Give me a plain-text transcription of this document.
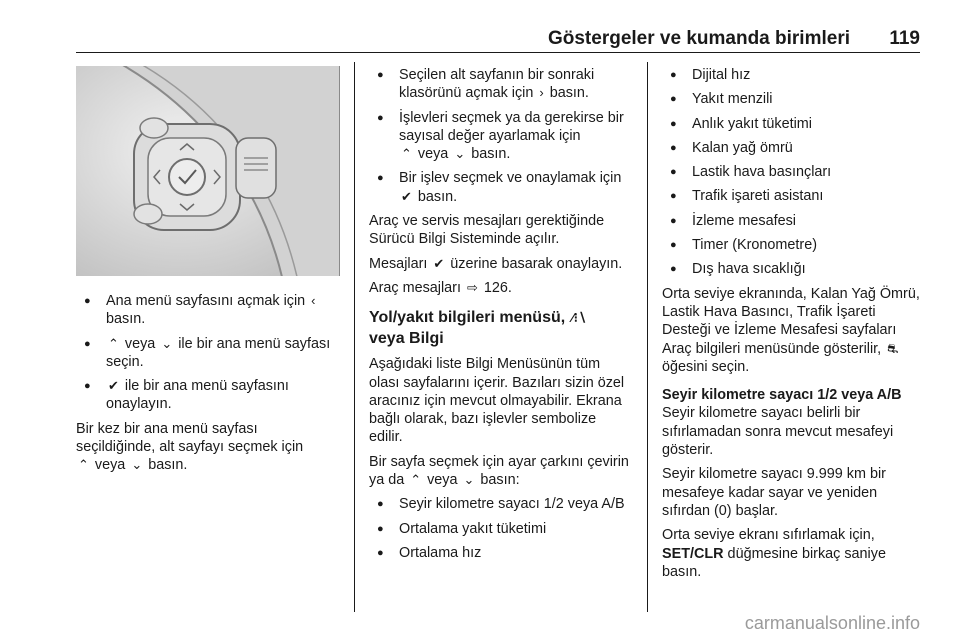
Göstergeler ve kumanda birimleri 119
● Ana menü sayfasını açmak için ‹ basın.
● ⌃ veya ⌄ ile bir ana menü sayfası seçin.
● ✔ ile bir ana menü sayfasını onaylayın.

Bir kez bir ana menü sayfası seçildiğinde, alt sayfayı seçmek için
⌃ veya ⌄ basın.

● Seçilen alt sayfanın bir sonraki klasörünü açmak için › basın.
● İşlevleri seçmek ya da gerekirse bir sayısal değer ayarlamak için
⌃ veya ⌄ basın.
● Bir işlev seçmek ve onaylamak için ✔ basın.

Araç ve servis mesajları gerektiğinde Sürücü Bilgi Sisteminde açılır.

Mesajları ✔ üzerine basarak onaylayın.

Araç mesajları ⇨ 126.

Yol/yakıt bilgileri menüsü, ⁄⁝∖
veya Bilgi

Aşağıdaki liste Bilgi Menüsünün tüm olası sayfalarını içerir. Bazıları sizin özel aracınız için mevcut olmayabilir. Ekrana bağlı olarak, bazı işlevler sembolize edilir.

Bir sayfa seçmek için ayar çarkını çevirin ya da ⌃ veya ⌄ basın:

● Seyir kilometre sayacı 1/2 veya A/B
● Ortalama yakıt tüketimi
● Ortalama hız
● Dijital hız
● Yakıt menzili
● Anlık yakıt tüketimi
● Kalan yağ ömrü
● Lastik hava basınçları
● Trafik işareti asistanı
● İzleme mesafesi
● Timer (Kronometre)
● Dış hava sıcaklığı

Orta seviye ekranında, Kalan Yağ Ömrü, Lastik Hava Basıncı, Trafik İşareti Desteği ve İzleme Mesafesi sayfaları Araç bilgileri menüsünde gösterilir, ⛐ öğesini seçin.

Seyir kilometre sayacı 1/2 veya A/B

Seyir kilometre sayacı belirli bir sıfırlamadan sonra mevcut mesafeyi gösterir.

Seyir kilometre sayacı 9.999 km bir mesafeye kadar sayar ve yeniden sıfırdan (0) başlar.

Orta seviye ekranı sıfırlamak için, SET/CLR düğmesine birkaç saniye basın.

carmanualsonline.info
